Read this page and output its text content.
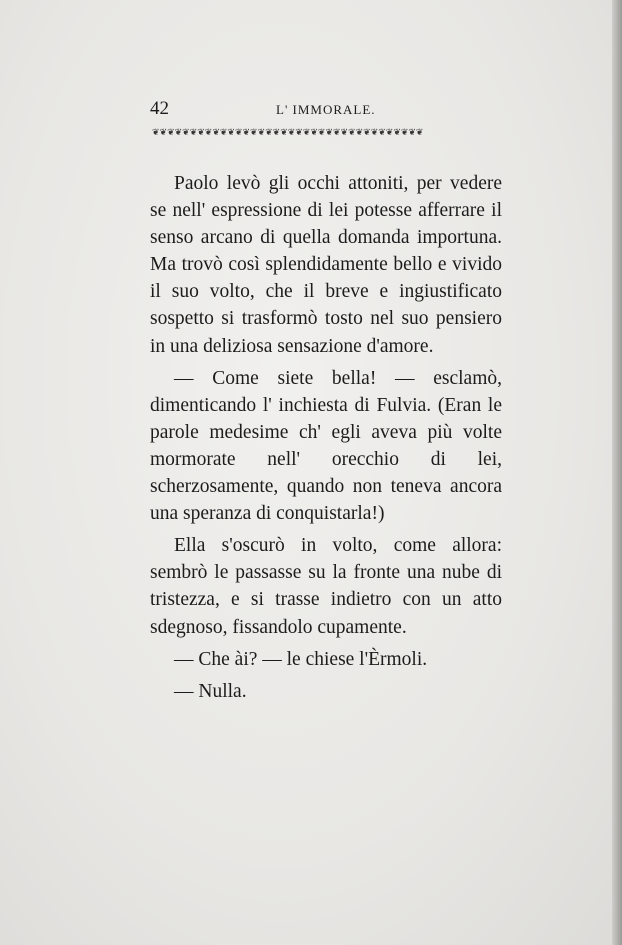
42	L' IMMORALE.
❦❦❦❦❦❦❦❦❦❦❦❦❦❦❦❦❦❦❦❦❦❦❦❦❦❦❦❦❦❦❦❦❦❦❦❦

Paolo levò gli occhi attoniti, per vedere se nell' espressione di lei potesse afferrare il senso arcano di quella domanda importuna. Ma trovò così splendidamente bello e vivido il suo volto, che il breve e ingiustificato sospetto si trasformò tosto nel suo pensiero in una deliziosa sensazione d'amore.

— Come siete bella! — esclamò, dimenticando l' inchiesta di Fulvia. (Eran le parole medesime ch' egli aveva più volte mormorate nell' orecchio di lei, scherzosamente, quando non teneva ancora una speranza di conquistarla!)

Ella s'oscurò in volto, come allora: sembrò le passasse su la fronte una nube di tristezza, e si trasse indietro con un atto sdegnoso, fissandolo cupamente.

— Che ài? — le chiese l'Èrmoli.

— Nulla.
